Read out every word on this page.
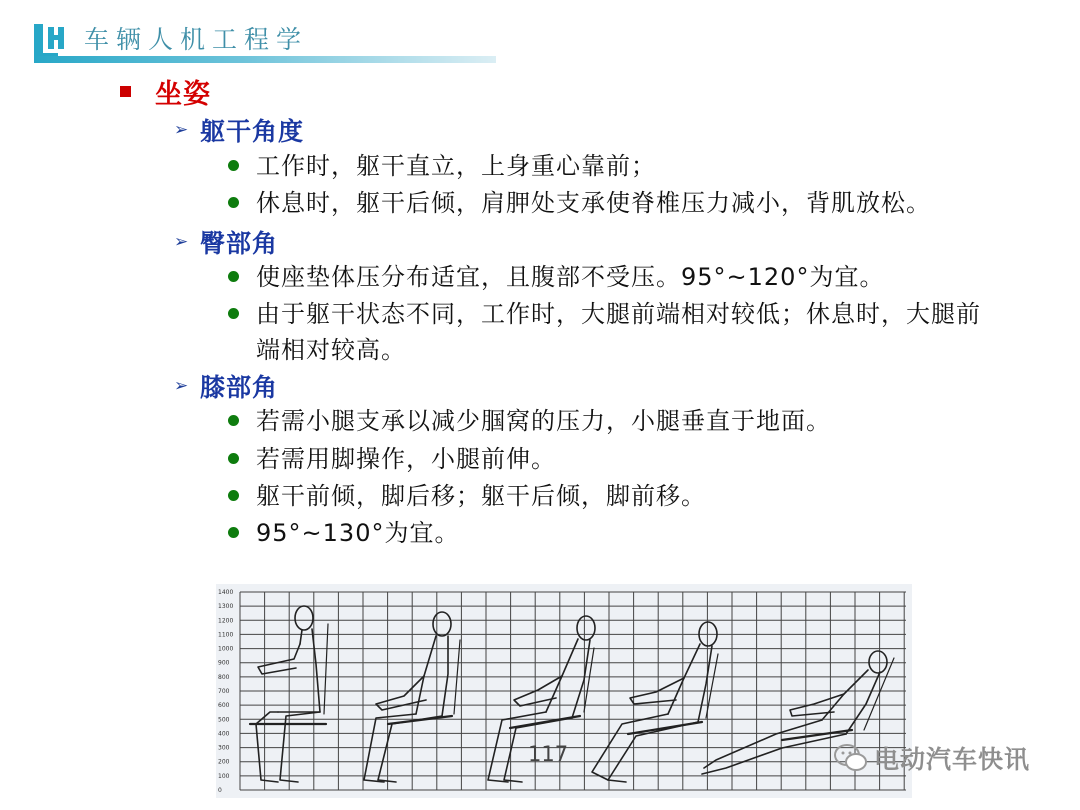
车辆人机工程学
坐姿
➢ 躯干角度
工作时，躯干直立，上身重心靠前；
休息时，躯干后倾，肩胛处支承使脊椎压力减小，背肌放松。
➢ 臀部角
使座垫体压分布适宜，且腹部不受压。95°~120°为宜。
由于躯干状态不同，工作时，大腿前端相对较低；休息时，大腿前端相对较高。
➢ 膝部角
若需小腿支承以减少腘窝的压力，小腿垂直于地面。
若需用脚操作，小腿前伸。
躯干前倾，脚后移；躯干后倾，脚前移。
95°~130°为宜。
1400
1300
1200
1100
1000
900
800
700
600
500
400
300
200
100
0
117	电动汽车快讯
